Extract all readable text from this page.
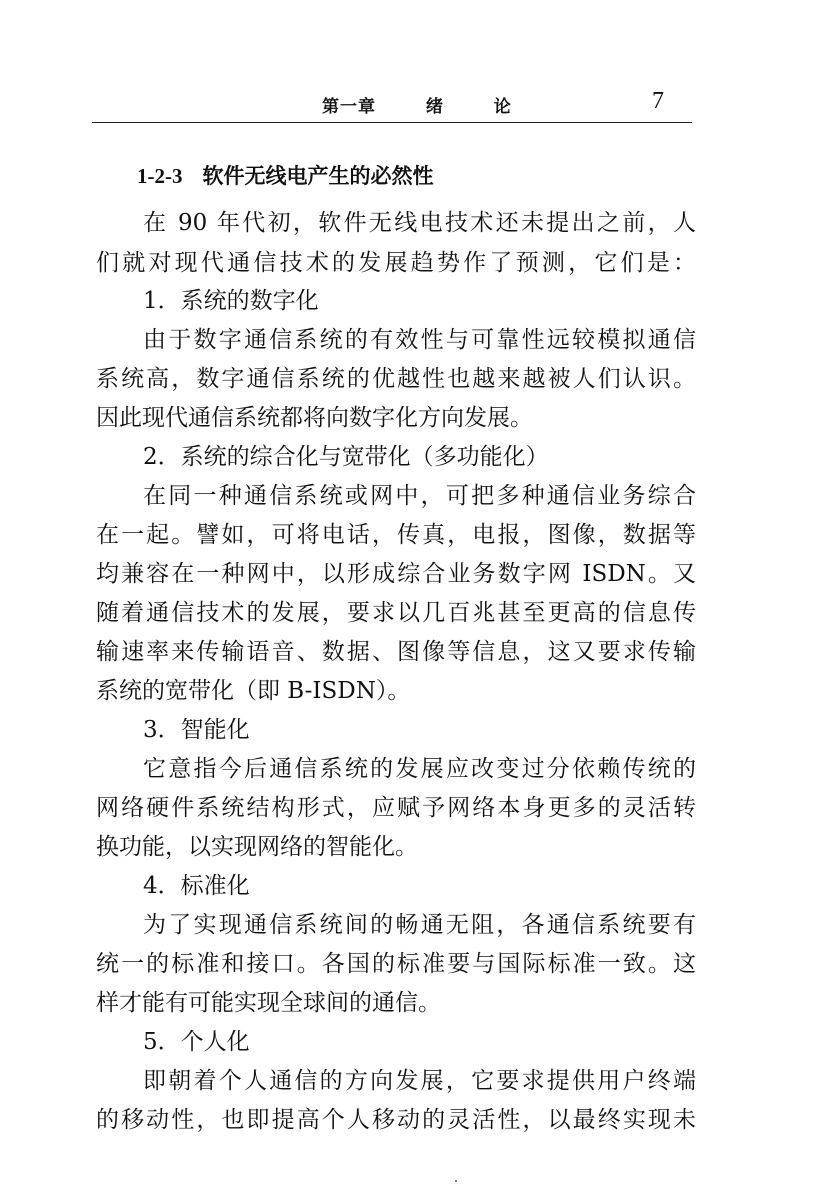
第一章	绪	论	7
1-2-3 软件无线电产生的必然性
在 90 年代初，软件无线电技术还未提出之前，人
们就对现代通信技术的发展趋势作了预测，它们是：
1．系统的数字化
由于数字通信系统的有效性与可靠性远较模拟通信
系统高，数字通信系统的优越性也越来越被人们认识。
因此现代通信系统都将向数字化方向发展。
2．系统的综合化与宽带化（多功能化）
在同一种通信系统或网中，可把多种通信业务综合
在一起。譬如，可将电话，传真，电报，图像，数据等
均兼容在一种网中，以形成综合业务数字网 ISDN。又
随着通信技术的发展，要求以几百兆甚至更高的信息传
输速率来传输语音、数据、图像等信息，这又要求传输
系统的宽带化（即 B-ISDN）。
3．智能化
它意指今后通信系统的发展应改变过分依赖传统的
网络硬件系统结构形式，应赋予网络本身更多的灵活转
换功能，以实现网络的智能化。
4．标准化
为了实现通信系统间的畅通无阻，各通信系统要有
统一的标准和接口。各国的标准要与国际标准一致。这
样才能有可能实现全球间的通信。
5．个人化
即朝着个人通信的方向发展，它要求提供用户终端
的移动性，也即提高个人移动的灵活性，以最终实现未
